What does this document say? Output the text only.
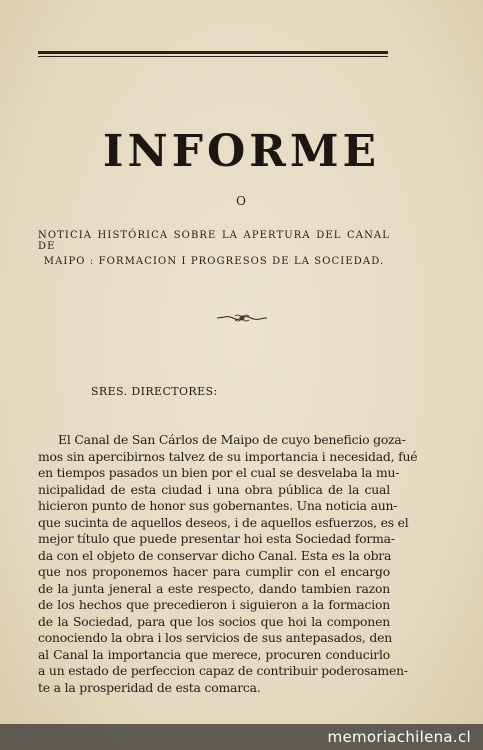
INFORME
O
NOTICIA HISTÓRICA SOBRE LA APERTURA DEL CANAL DE
MAIPO : FORMACION I PROGRESOS DE LA SOCIEDAD.
SRES. DIRECTORES:
El Canal de San Cárlos de Maipo de cuyo beneficio goza-
mos sin apercibirnos talvez de su importancia i necesidad, fué
en tiempos pasados un bien por el cual se desvelaba la mu-
nicipalidad de esta ciudad i una obra pública de la cual
hicieron punto de honor sus gobernantes. Una noticia aun-
que sucinta de aquellos deseos, i de aquellos esfuerzos, es el
mejor título que puede presentar hoi esta Sociedad forma-
da con el objeto de conservar dicho Canal. Esta es la obra
que nos proponemos hacer para cumplir con el encargo
de la junta jeneral a este respecto, dando tambien razon
de los hechos que precedieron i siguieron a la formacion
de la Sociedad, para que los socios que hoi la componen
conociendo la obra i los servicios de sus antepasados, den
al Canal la importancia que merece, procuren conducirlo
a un estado de perfeccion capaz de contribuir poderosamen-
te a la prosperidad de esta comarca.
memoriachilena.cl
